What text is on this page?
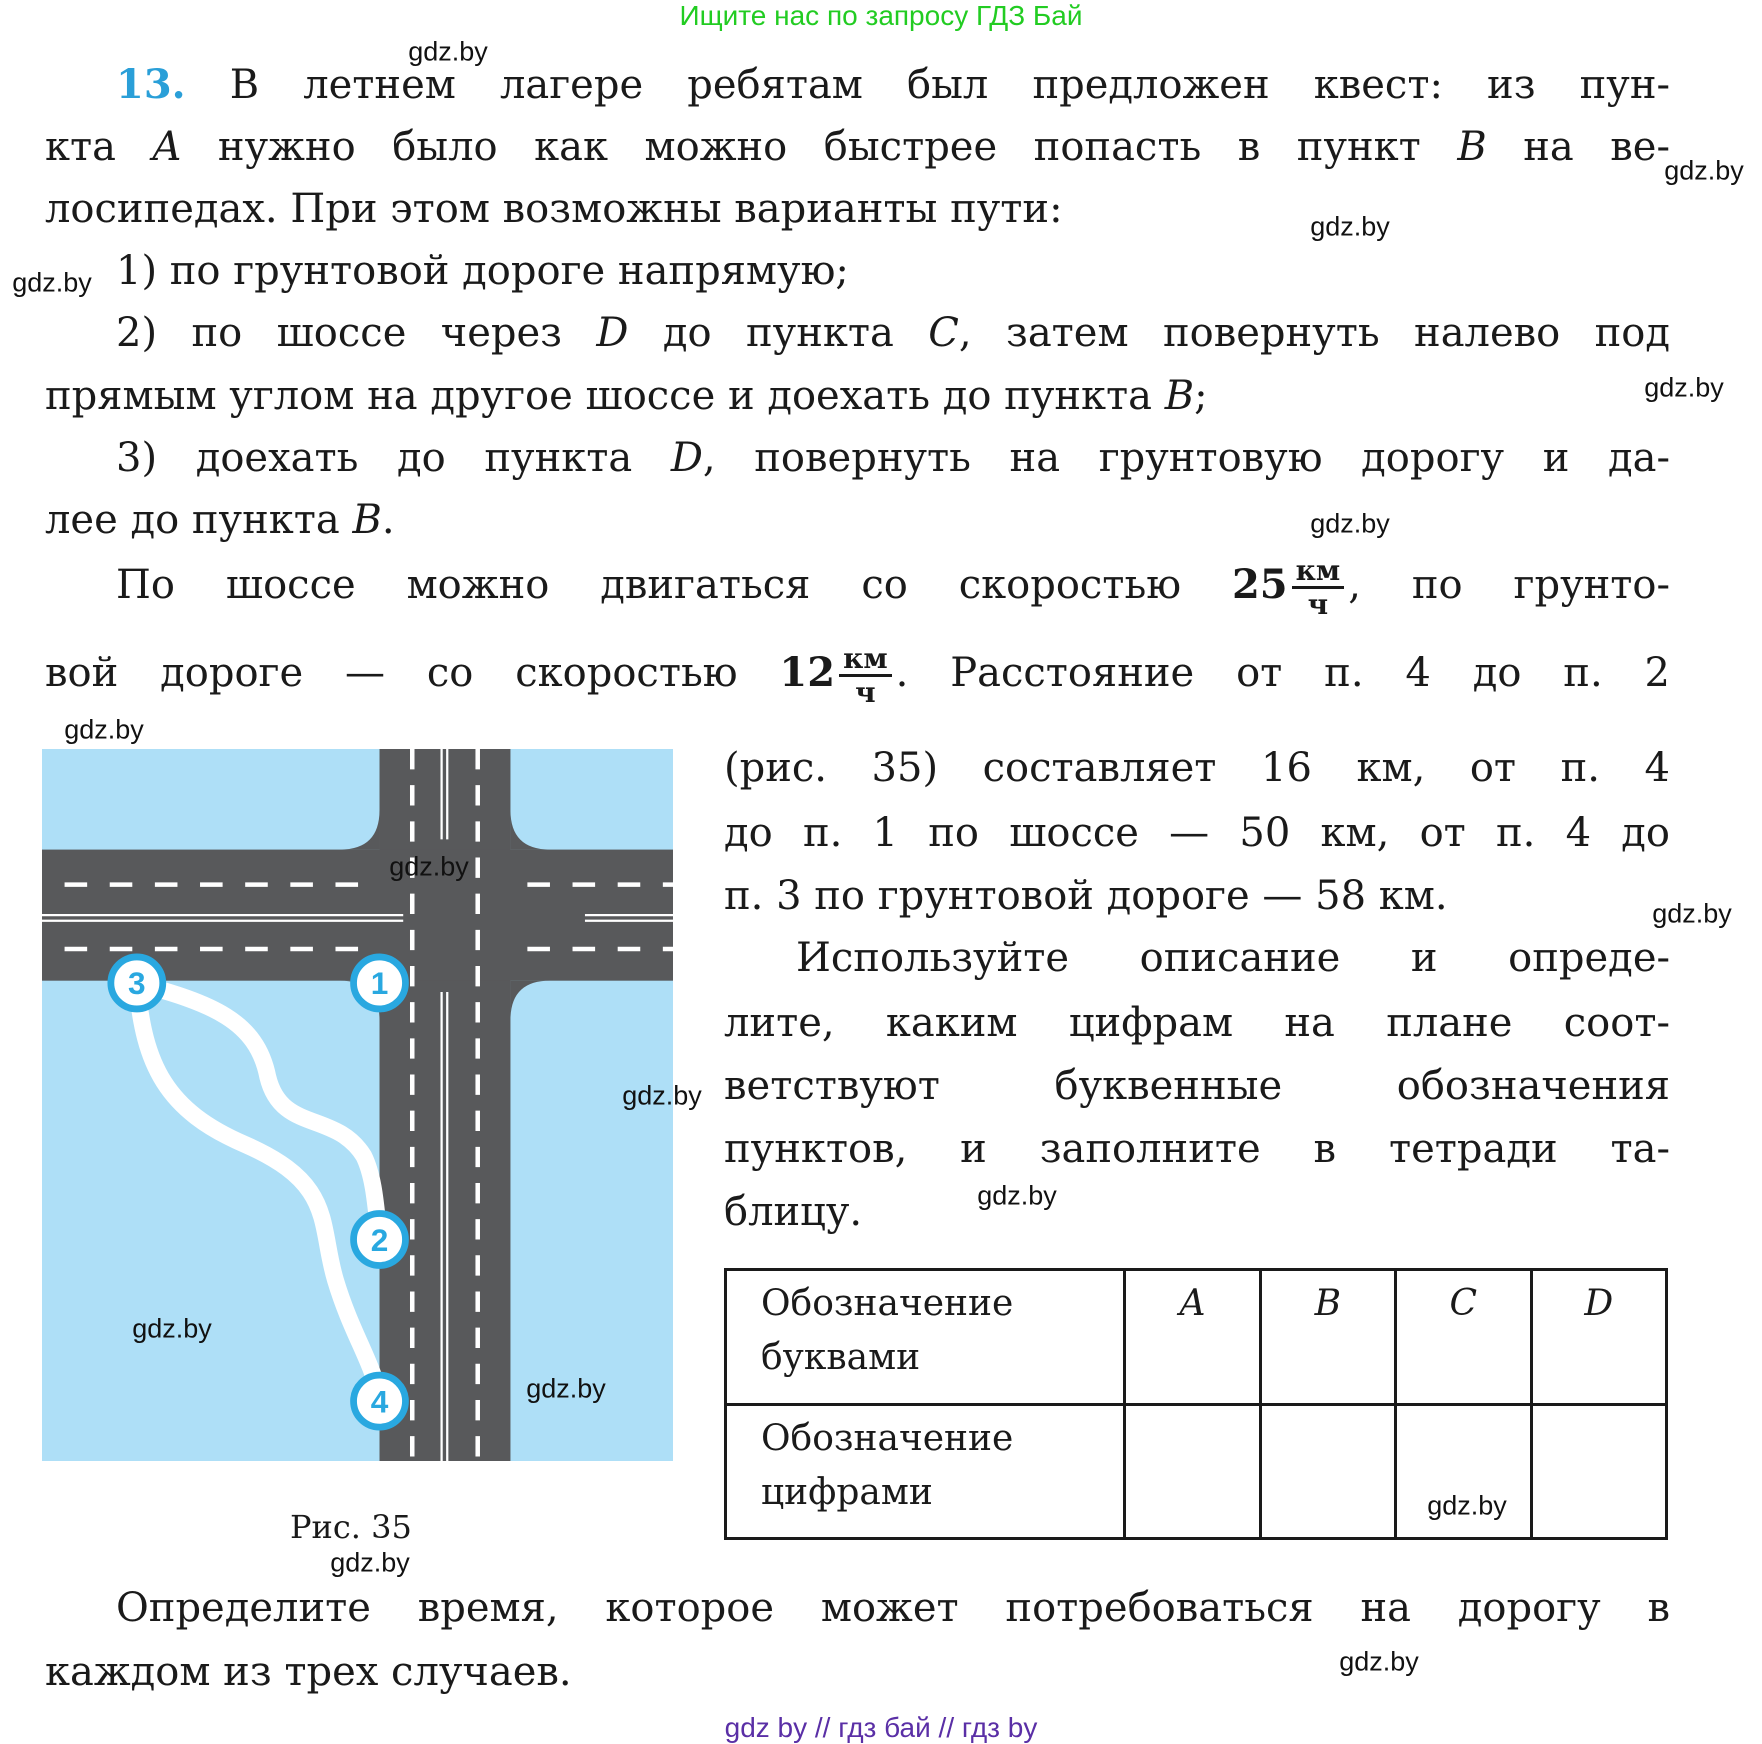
Ищите нас по запросу ГДЗ Бай
13. В летнем лагере ребятам был предложен квест: из пун-
кта A нужно было как можно быстрее попасть в пункт B на ве-
лосипедах. При этом возможны варианты пути:
1) по грунтовой дороге напрямую;
2) по шоссе через D до пункта C, затем повернуть налево под
прямым углом на другое шоссе и доехать до пункта B;
3) доехать до пункта D, повернуть на грунтовую дорогу и да-
лее до пункта B.
По шоссе можно двигаться со скоростью $25 \frac{км}{ч}$ , по грунто-
вой дороге — со скоростью $12 \frac{км}{ч}$ . Расстояние от п. 4 до п. 2
(рис. 35) составляет 16 км, от п. 4
до п. 1 по шоссе — 50 км, от п. 4 до
п. 3 по грунтовой дороге — 58 км.
Используйте описание и опреде-
лите, каким цифрам на плане соот-
ветствуют буквенные обозначения
пунктов, и заполните в тетради та-
блицу.
Определите время, которое может потребоваться на дорогу в
каждом из трех случаев.
1
2
3
4
Рис. 35
Обозначение
буквами	A	B	C	D
Обозначение
цифрами				
gdz.by
gdz.by
gdz.by
gdz.by
gdz.by
gdz.by
gdz.by
gdz.by
gdz.by
gdz.by
gdz.by
gdz.by
gdz.by
gdz.by
gdz.by
gdz.by
gdz by // гдз бай // гдз by
